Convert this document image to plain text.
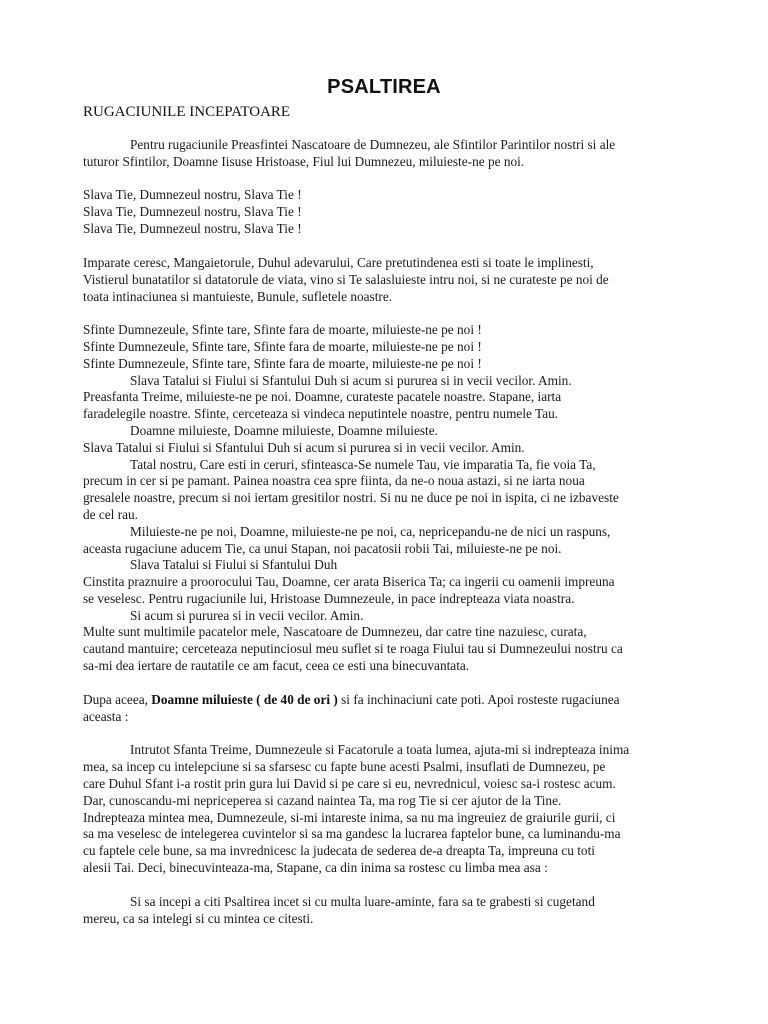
PSALTIREA
RUGACIUNILE INCEPATOARE
Pentru rugaciunile Preasfintei Nascatoare de Dumnezeu, ale Sfintilor Parintilor nostri si ale
tuturor Sfintilor, Doamne Iisuse Hristoase, Fiul lui Dumnezeu, miluieste-ne pe noi.
Slava Tie, Dumnezeul nostru, Slava Tie !
Slava Tie, Dumnezeul nostru, Slava Tie !
Slava Tie, Dumnezeul nostru, Slava Tie !
Imparate ceresc, Mangaietorule, Duhul adevarului, Care pretutindenea esti si toate le implinesti,
Vistierul bunatatilor si datatorule de viata, vino si Te salasluieste intru noi, si ne curateste pe noi de
toata intinaciunea si mantuieste, Bunule, sufletele noastre.
Sfinte Dumnezeule, Sfinte tare, Sfinte fara de moarte, miluieste-ne pe noi !
Sfinte Dumnezeule, Sfinte tare, Sfinte fara de moarte, miluieste-ne pe noi !
Sfinte Dumnezeule, Sfinte tare, Sfinte fara de moarte, miluieste-ne pe noi !
Slava Tatalui si Fiului si Sfantului Duh si acum si pururea si in vecii vecilor. Amin.
Preasfanta Treime, miluieste-ne pe noi. Doamne, curateste pacatele noastre. Stapane, iarta
faradelegile noastre. Sfinte, cerceteaza si vindeca neputintele noastre, pentru numele Tau.
Doamne miluieste, Doamne miluieste, Doamne miluieste.
Slava Tatalui si Fiului si Sfantului Duh si acum si pururea si in vecii vecilor. Amin.
Tatal nostru, Care esti in ceruri, sfinteasca-Se numele Tau, vie imparatia Ta, fie voia Ta,
precum in cer si pe pamant. Painea noastra cea spre fiinta, da ne-o noua astazi, si ne iarta noua
gresalele noastre, precum si noi iertam gresitilor nostri. Si nu ne duce pe noi in ispita, ci ne izbaveste
de cel rau.
Miluieste-ne pe noi, Doamne, miluieste-ne pe noi, ca, nepricepandu-ne de nici un raspuns,
aceasta rugaciune aducem Tie, ca unui Stapan, noi pacatosii robii Tai, miluieste-ne pe noi.
Slava Tatalui si Fiului si Sfantului Duh
Cinstita praznuire a proorocului Tau, Doamne, cer arata Biserica Ta; ca ingerii cu oamenii impreuna
se veselesc. Pentru rugaciunile lui, Hristoase Dumnezeule, in pace indrepteaza viata noastra.
Si acum si pururea si in vecii vecilor. Amin.
Multe sunt multimile pacatelor mele, Nascatoare de Dumnezeu, dar catre tine nazuiesc, curata,
cautand mantuire; cerceteaza neputinciosul meu suflet si te roaga Fiului tau si Dumnezeului nostru ca
sa-mi dea iertare de rautatile ce am facut, ceea ce esti una binecuvantata.
Dupa aceea, Doamne miluieste ( de 40 de ori ) si fa inchinaciuni cate poti. Apoi rosteste rugaciunea
aceasta :
Intrutot Sfanta Treime, Dumnezeule si Facatorule a toata lumea, ajuta-mi si indrepteaza inima
mea, sa incep cu intelepciune si sa sfarsesc cu fapte bune acesti Psalmi, insuflati de Dumnezeu, pe
care Duhul Sfant i-a rostit prin gura lui David si pe care si eu, nevrednicul, voiesc sa-i rostesc acum.
Dar, cunoscandu-mi nepriceperea si cazand naintea Ta, ma rog Tie si cer ajutor de la Tine.
Indrepteaza mintea mea, Dumnezeule, si-mi intareste inima, sa nu ma ingreuiez de graiurile gurii, ci
sa ma veselesc de intelegerea cuvintelor si sa ma gandesc la lucrarea faptelor bune, ca luminandu-ma
cu faptele cele bune, sa ma invrednicesc la judecata de sederea de-a dreapta Ta, impreuna cu toti
alesii Tai. Deci, binecuvinteaza-ma, Stapane, ca din inima sa rostesc cu limba mea asa :
Si sa incepi a citi Psaltirea incet si cu multa luare-aminte, fara sa te grabesti si cugetand
mereu, ca sa intelegi si cu mintea ce citesti.
